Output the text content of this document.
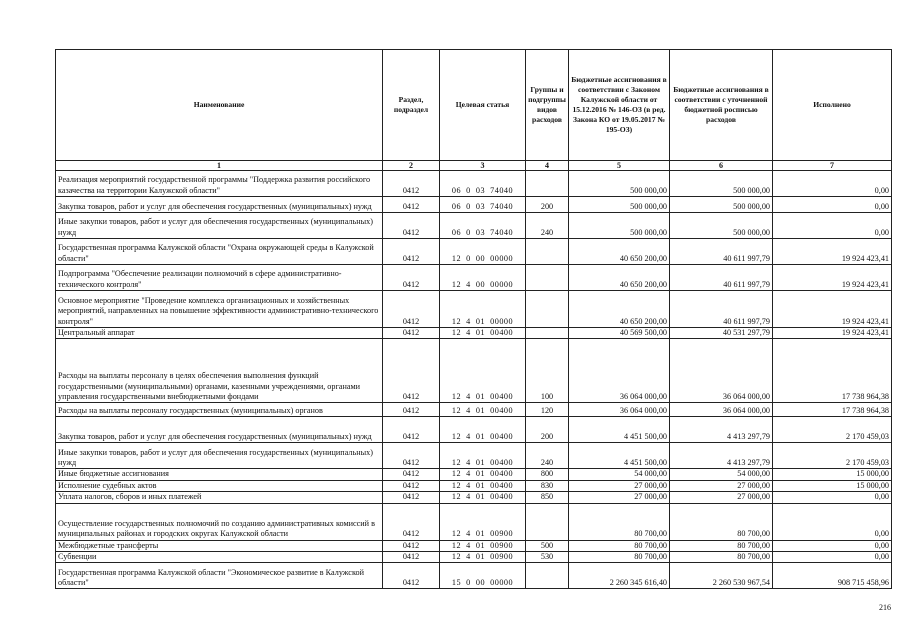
Наименование	Раздел, подраздел	Целевая статья	Группы и подгруппы видов расходов	Бюджетные ассигнования в соответствии с Законом Калужской области от 15.12.2016 № 146-ОЗ (в ред. Закона КО от 19.05.2017 № 195-ОЗ)	Бюджетные ассигнования в соответствии с уточненной бюджетной росписью расходов	Исполнено
1	2	3	4	5	6	7
Реализация мероприятий государственной программы "Поддержка развития российского казачества на территории Калужской области"	0412	06  0  03  74040		500 000,00	500 000,00	0,00
Закупка товаров, работ и услуг для обеспечения государственных (муниципальных) нужд	0412	06  0  03  74040	200	500 000,00	500 000,00	0,00
Иные закупки товаров, работ и услуг для обеспечения государственных (муниципальных) нужд	0412	06  0  03  74040	240	500 000,00	500 000,00	0,00
Государственная программа Калужской области "Охрана окружающей среды в Калужской области"	0412	12  0  00  00000		40 650 200,00	40 611 997,79	19 924 423,41
Подпрограмма "Обеспечение реализации полномочий в сфере административно-технического контроля"	0412	12  4  00  00000		40 650 200,00	40 611 997,79	19 924 423,41
Основное мероприятие "Проведение комплекса организационных и хозяйственных мероприятий, направленных на повышение эффективности административно-технического контроля"	0412	12  4  01  00000		40 650 200,00	40 611 997,79	19 924 423,41
Центральный аппарат	0412	12  4  01  00400		40 569 500,00	40 531 297,79	19 924 423,41
Расходы на выплаты персоналу в целях обеспечения выполнения функций государственными (муниципальными) органами, казенными учреждениями, органами управления государственными внебюджетными фондами	0412	12  4  01  00400	100	36 064 000,00	36 064 000,00	17 738 964,38
Расходы на выплаты персоналу государственных (муниципальных) органов	0412	12  4  01  00400	120	36 064 000,00	36 064 000,00	17 738 964,38
Закупка товаров, работ и услуг для обеспечения государственных (муниципальных) нужд	0412	12  4  01  00400	200	4 451 500,00	4 413 297,79	2 170 459,03
Иные закупки товаров, работ и услуг для обеспечения государственных (муниципальных) нужд	0412	12  4  01  00400	240	4 451 500,00	4 413 297,79	2 170 459,03
Иные бюджетные ассигнования	0412	12  4  01  00400	800	54 000,00	54 000,00	15 000,00
Исполнение судебных актов	0412	12  4  01  00400	830	27 000,00	27 000,00	15 000,00
Уплата налогов, сборов и иных платежей	0412	12  4  01  00400	850	27 000,00	27 000,00	0,00
Осуществление государственных полномочий по созданию административных комиссий в муниципальных районах и городских округах Калужской области	0412	12  4  01  00900		80 700,00	80 700,00	0,00
Межбюджетные трансферты	0412	12  4  01  00900	500	80 700,00	80 700,00	0,00
Субвенции	0412	12  4  01  00900	530	80 700,00	80 700,00	0,00
Государственная программа Калужской области "Экономическое развитие в Калужской области"	0412	15  0  00  00000		2 260 345 616,40	2 260 530 967,54	908 715 458,96
216
